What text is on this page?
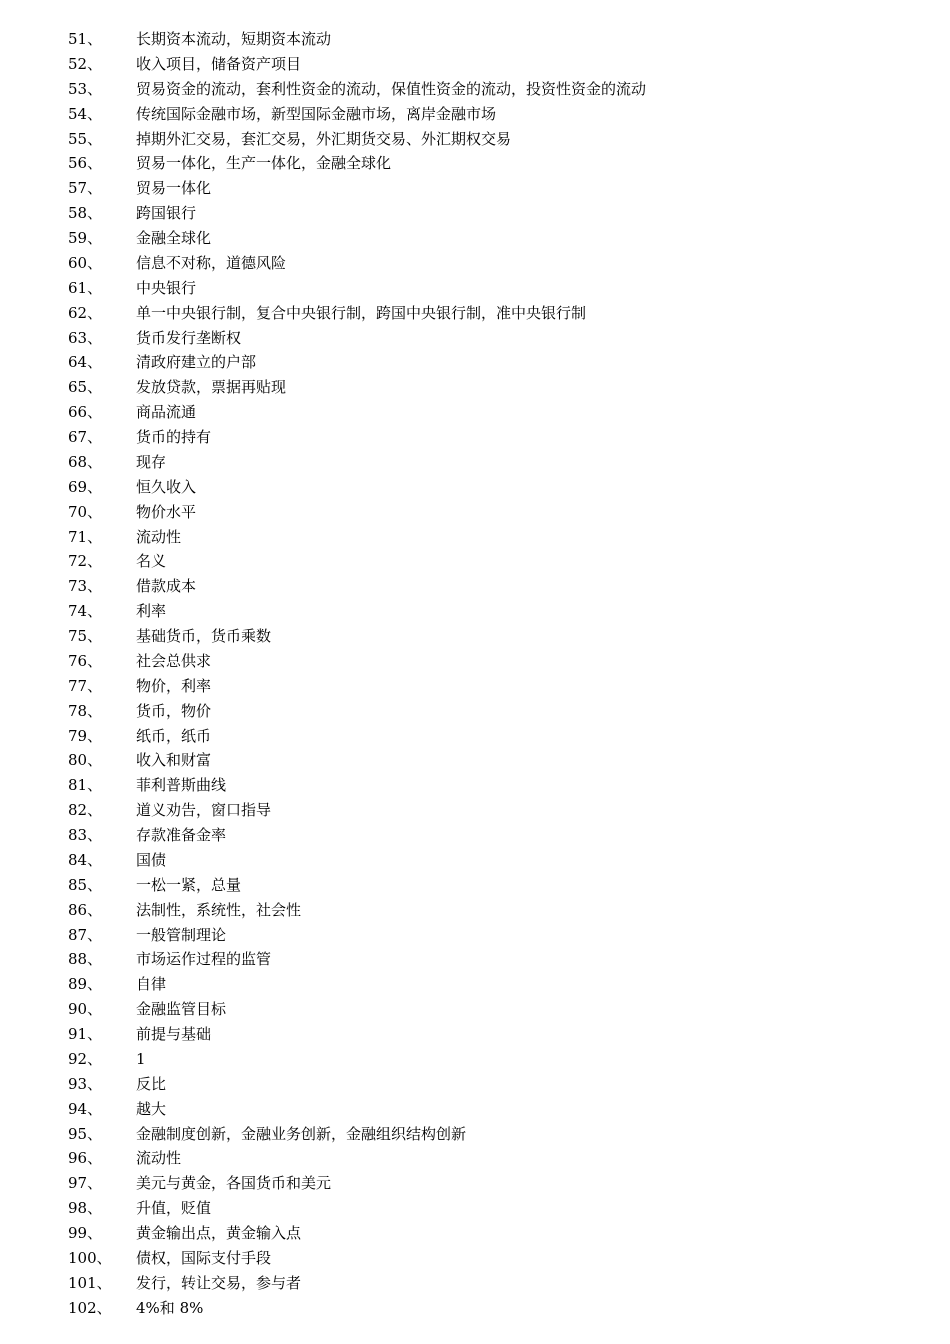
51、 长期资本流动，短期资本流动
52、 收入项目，储备资产项目
53、 贸易资金的流动，套利性资金的流动，保值性资金的流动，投资性资金的流动
54、 传统国际金融市场，新型国际金融市场，离岸金融市场
55、 掉期外汇交易，套汇交易，外汇期货交易、外汇期权交易
56、 贸易一体化，生产一体化，金融全球化
57、 贸易一体化
58、 跨国银行
59、 金融全球化
60、 信息不对称，道德风险
61、 中央银行
62、 单一中央银行制，复合中央银行制，跨国中央银行制，准中央银行制
63、 货币发行垄断权
64、 清政府建立的户部
65、 发放贷款，票据再贴现
66、 商品流通
67、 货币的持有
68、 现存
69、 恒久收入
70、 物价水平
71、 流动性
72、 名义
73、 借款成本
74、 利率
75、 基础货币，货币乘数
76、 社会总供求
77、 物价，利率
78、 货币，物价
79、 纸币，纸币
80、 收入和财富
81、 菲利普斯曲线
82、 道义劝告，窗口指导
83、 存款准备金率
84、 国债
85、 一松一紧，总量
86、 法制性，系统性，社会性
87、 一般管制理论
88、 市场运作过程的监管
89、 自律
90、 金融监管目标
91、 前提与基础
92、 1
93、 反比
94、 越大
95、 金融制度创新，金融业务创新，金融组织结构创新
96、 流动性
97、 美元与黄金，各国货币和美元
98、 升值，贬值
99、 黄金输出点，黄金输入点
100、 债权，国际支付手段
101、 发行，转让交易，参与者
102、 4%和 8%
